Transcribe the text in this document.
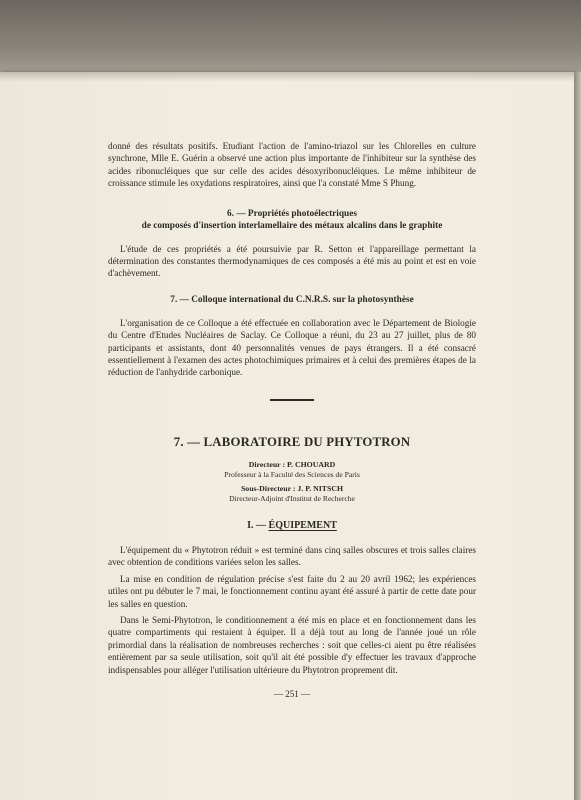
donné des résultats positifs. Etudiant l'action de l'amino-triazol sur les Chlorelles en culture synchrone, Mlle E. Guérin a observé une action plus importante de l'inhibiteur sur la synthèse des acides ribonucléiques que sur celle des acides désoxyribonucléiques. Le même inhibiteur de croissance stimule les oxydations respiratoires, ainsi que l'a constaté Mme S Phung.

6. — Propriétés photoélectriques

de composés d'insertion interlamellaire des métaux alcalins dans le graphite

L'étude de ces propriétés a été poursuivie par R. Setton et l'appareillage permettant la détermination des constantes thermodynamiques de ces composés a été mis au point et est en voie d'achèvement.

7. — Colloque international du C.N.R.S. sur la photosynthèse

L'organisation de ce Colloque a été effectuée en collaboration avec le Département de Biologie du Centre d'Etudes Nucléaires de Saclay. Ce Colloque a réuni, du 23 au 27 juillet, plus de 80 participants et assistants, dont 40 personnalités venues de pays étrangers. Il a été consacré essentiellement à l'examen des actes photochimiques primaires et à celui des premières étapes de la réduction de l'anhydride carbonique.

7. — LABORATOIRE DU PHYTOTRON

Directeur : P. CHOUARD

Professeur à la Faculté des Sciences de Paris

Sous-Directeur : J. P. NITSCH

Directeur-Adjoint d'Institut de Recherche

I. — ÉQUIPEMENT

L'équipement du « Phytotron réduit » est terminé dans cinq salles obscures et trois salles claires avec obtention de conditions variées selon les salles.

La mise en condition de régulation précise s'est faite du 2 au 20 avril 1962; les expériences utiles ont pu débuter le 7 mai, le fonctionnement continu ayant été assuré à partir de cette date pour les salles en question.

Dans le Semi-Phytotron, le conditionnement a été mis en place et en fonctionnement dans les quatre compartiments qui restaient à équiper. Il a déjà tout au long de l'année joué un rôle primordial dans la réalisation de nombreuses recherches : soit que celles-ci aient pu être réalisées entièrement par sa seule utilisation, soit qu'il ait été possible d'y effectuer les travaux d'approche indispensables pour alléger l'utilisation ultérieure du Phytotron proprement dit.

— 251 —
